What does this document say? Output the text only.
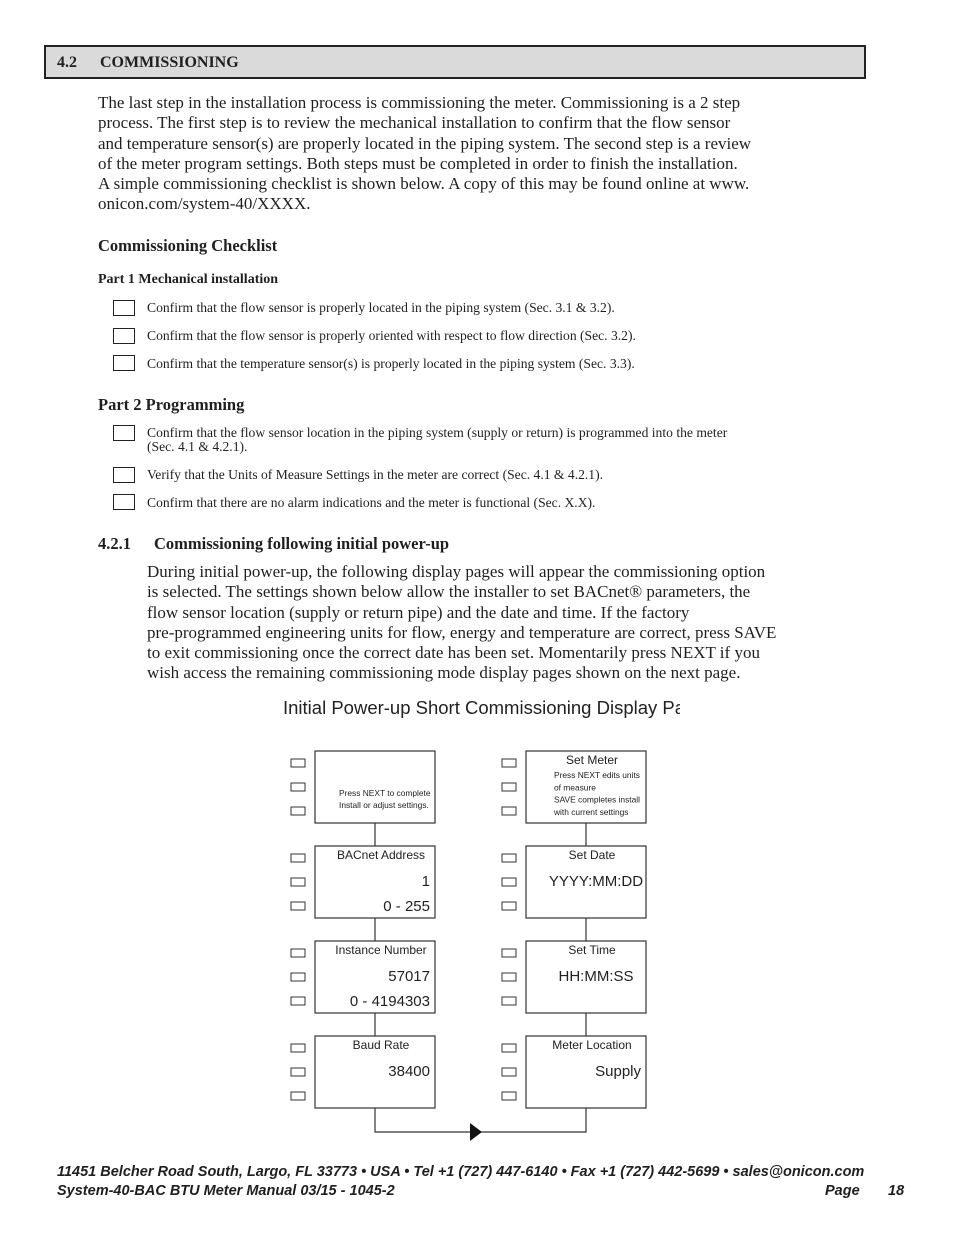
4.2 COMMISSIONING
The last step in the installation process is commissioning the meter. Commissioning is a 2 step
process. The first step is to review the mechanical installation to confirm that the flow sensor
and temperature sensor(s) are properly located in the piping system. The second step is a review
of the meter program settings. Both steps must be completed in order to finish the installation.
A simple commissioning checklist is shown below. A copy of this may be found online at www.
onicon.com/system-40/XXXX.
Commissioning Checklist
Part 1 Mechanical installation
Confirm that the flow sensor is properly located in the piping system (Sec. 3.1 & 3.2).
Confirm that the flow sensor is properly oriented with respect to flow direction (Sec. 3.2).
Confirm that the temperature sensor(s) is properly located in the piping system (Sec. 3.3).
Part 2 Programming
Confirm that the flow sensor location in the piping system (supply or return) is programmed into the meter
(Sec. 4.1 & 4.2.1).
Verify that the Units of Measure Settings in the meter are correct (Sec. 4.1 & 4.2.1).
Confirm that there are no alarm indications and the meter is functional (Sec. X.X).
4.2.1 Commissioning following initial power-up
During initial power-up, the following display pages will appear the commissioning option
is selected. The settings shown below allow the installer to set BACnet® parameters, the
flow sensor location (supply or return pipe) and the date and time. If the factory
pre-programmed engineering units for flow, energy and temperature are correct, press SAVE
to exit commissioning once the correct date has been set. Momentarily press NEXT if you
wish access the remaining commissioning mode display pages shown on the next page.
Initial Power-up Short Commissioning Display Pages
Press NEXT to complete
Install or adjust settings.
BACnet Address
1
0 - 255
Instance Number
57017
0 - 4194303
Baud Rate
38400
Set Meter
Press NEXT edits units
of measure
SAVE completes install
with current settings
Set Date
YYYY:MM:DD
Set Time
HH:MM:SS
Meter Location
Supply
11451 Belcher Road South, Largo, FL 33773 • USA • Tel +1 (727) 447-6140 • Fax +1 (727) 442-5699 • sales@onicon.com
System-40-BAC BTU Meter Manual 03/15 - 1045-2	Page 18
